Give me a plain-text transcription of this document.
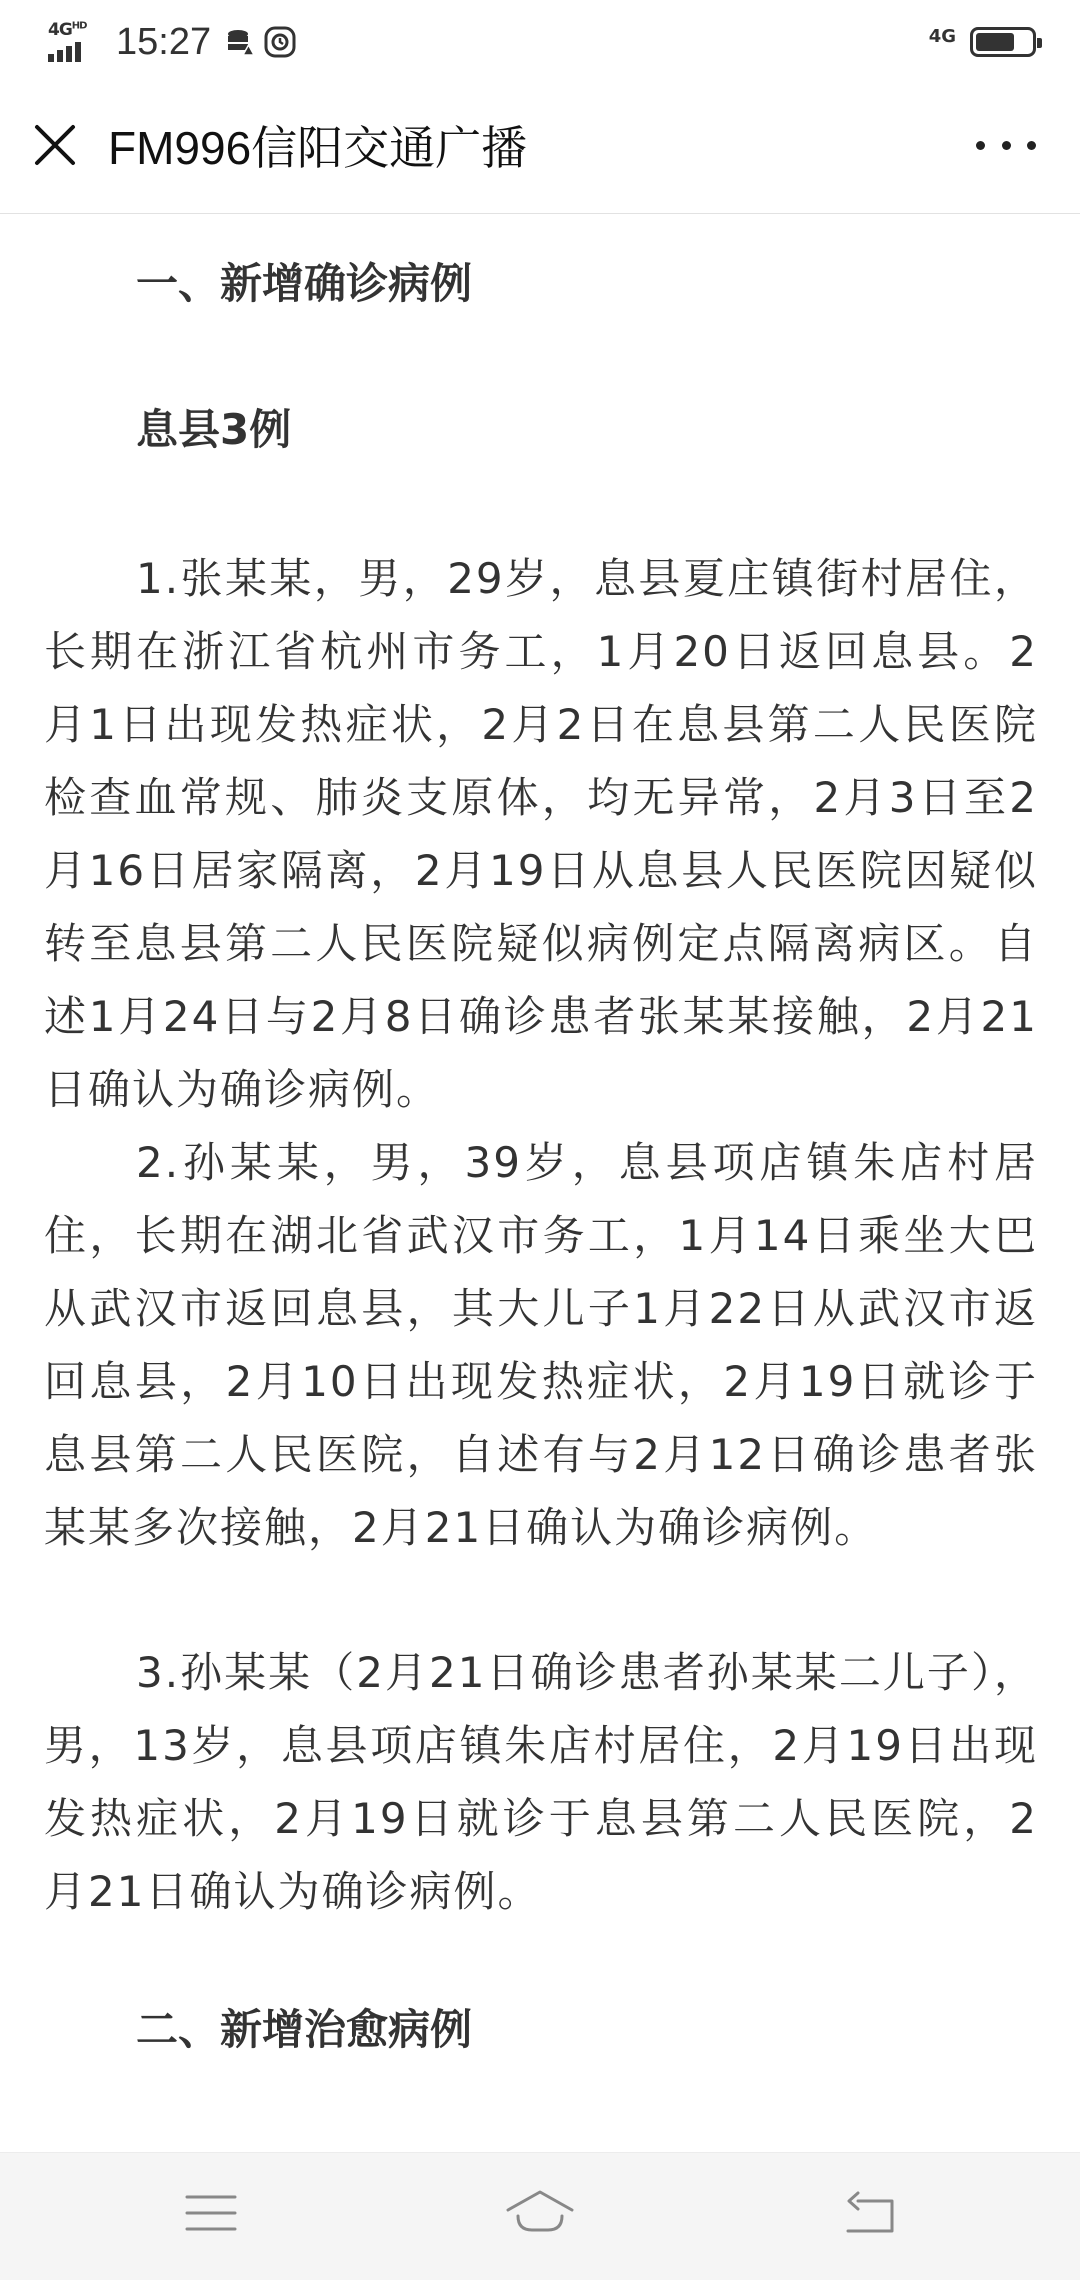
$4G^{HD}$ 15:27	4G
FM996信阳交通广播
一、新增确诊病例
息县3例

1.张某某，男，29岁，息县夏庄镇街村居住，长期在浙江省杭州市务工，1月20日返回息县。2月1日出现发热症状，2月2日在息县第二人民医院检查血常规、肺炎支原体，均无异常，2月3日至2月16日居家隔离，2月19日从息县人民医院因疑似转至息县第二人民医院疑似病例定点隔离病区。自述1月24日与2月8日确诊患者张某某接触，2月21日确认为确诊病例。

2.孙某某，男，39岁，息县项店镇朱店村居住，长期在湖北省武汉市务工，1月14日乘坐大巴从武汉市返回息县，其大儿子1月22日从武汉市返回息县，2月10日出现发热症状，2月19日就诊于息县第二人民医院，自述有与2月12日确诊患者张某某多次接触，2月21日确认为确诊病例。

3.孙某某（2月21日确诊患者孙某某二儿子），男，13岁，息县项店镇朱店村居住，2月19日出现发热症状，2月19日就诊于息县第二人民医院，2月21日确认为确诊病例。

二、新增治愈病例
